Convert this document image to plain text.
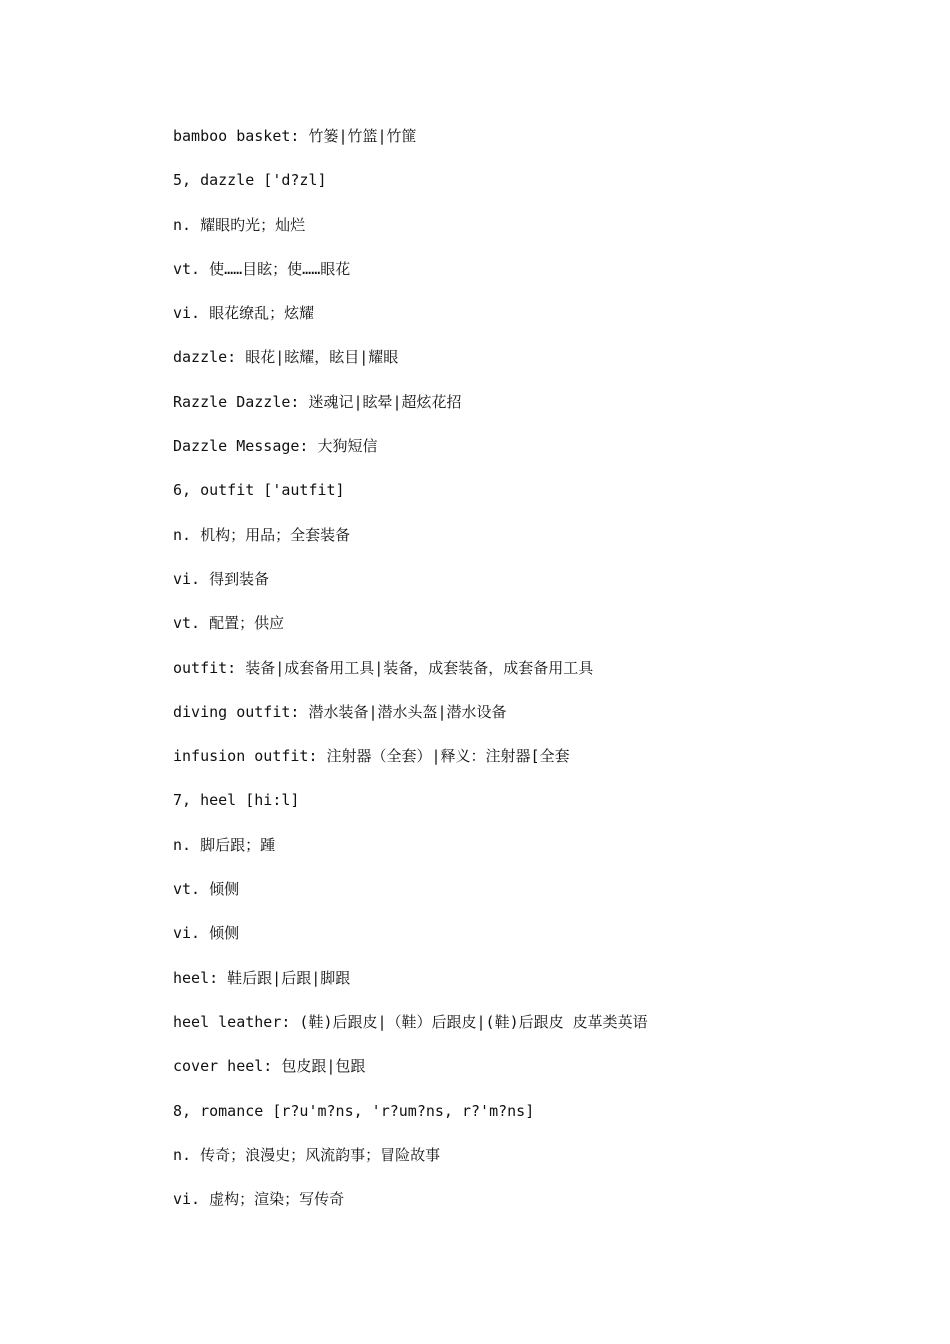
bamboo basket: 竹篓|竹篮|竹篚
5, dazzle ['d?zl]
n. 耀眼旳光；灿烂
vt. 使……目眩；使……眼花
vi. 眼花缭乱；炫耀
dazzle: 眼花|眩耀，眩目|耀眼
Razzle Dazzle: 迷魂记|眩晕|超炫花招
Dazzle Message: 大狗短信
6, outfit ['autfit]
n. 机构；用品；全套装备
vi. 得到装备
vt. 配置；供应
outfit: 装备|成套备用工具|装备，成套装备，成套备用工具
diving outfit: 潜水装备|潜水头盔|潜水设备
infusion outfit: 注射器（全套）|释义：注射器[全套
7, heel [hi:l]
n. 脚后跟；踵
vt. 倾侧
vi. 倾侧
heel: 鞋后跟|后跟|脚跟
heel leather: (鞋)后跟皮|（鞋）后跟皮|(鞋)后跟皮 皮革类英语
cover heel: 包皮跟|包跟
8, romance [r?u'm?ns, 'r?um?ns, r?'m?ns]
n. 传奇；浪漫史；风流韵事；冒险故事
vi. 虚构；渲染；写传奇
